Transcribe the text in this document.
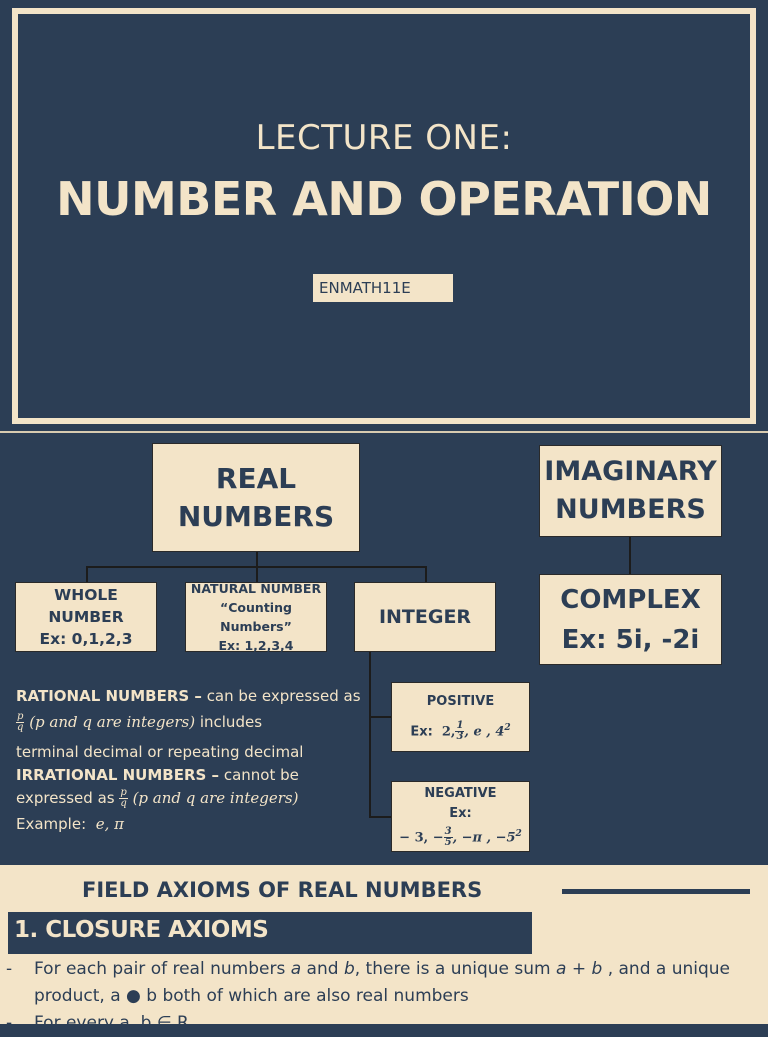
LECTURE ONE:
NUMBER AND OPERATION
ENMATH11E
REAL
NUMBERS
IMAGINARY
NUMBERS
WHOLE
NUMBER
Ex: 0,1,2,3
NATURAL NUMBER
“Counting Numbers”
Ex: 1,2,3,4
INTEGER
COMPLEX
Ex: 5i, -2i
POSITIVE
Ex: 2, $\frac{1}{3}$ , e , $4^2$
NEGATIVE
Ex:
− 3, − $\frac{3}{5}$ , −π , $-5^2$
RATIONAL NUMBERS – can be expressed as
$\frac{p}{q} (p$ and q are integers) includes
terminal decimal or repeating decimal
IRRATIONAL NUMBERS – cannot be
expressed as $\frac{p}{q} (p$ and q are integers)
Example: e, π
FIELD AXIOMS OF REAL NUMBERS
1. CLOSURE AXIOMS
-	For each pair of real numbers a and b, there is a unique sum a + b , and a unique
product, a ● b both of which are also real numbers
-	For every a, b ∈ R
